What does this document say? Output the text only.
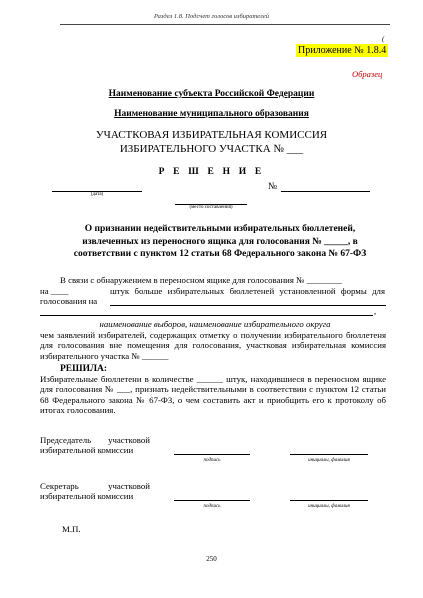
Раздел 1.8. Подсчет голосов избирателей
(
Приложение № 1.8.4
Образец
Наименование субъекта Российской Федерации
Наименование муниципального образования
УЧАСТКОВАЯ ИЗБИРАТЕЛЬНАЯ КОМИССИЯ
ИЗБИРАТЕЛЬНОГО УЧАСТКА № ___
Р Е Ш Е Н И Е
(дата)
№
(место составления)
О признании недействительными избирательных бюллетеней,
извлеченных из переносного ящика для голосования № _____, в
соответствии с пунктом 12 статьи 68 Федерального закона № 67-ФЗ
В связи с обнаружением в переносном ящике для голосования № ________
на ____	штук больше избирательных бюллетеней установленной формы для
голосования на
,
наименование выборов, наименование избирательного округа
чем заявлений избирателей, содержащих отметку о получении избирательного бюллетеня для голосования вне помещения для голосования, участковая избирательная комиссия избирательного участка № ______
РЕШИЛА:
Избирательные бюллетени в количестве ______ штук, находившиеся в переносном ящике для голосования № ___, признать недействительными в соответствии с пунктом 12 статьи 68 Федерального закона № 67-ФЗ, о чем составить акт и приобщить его к протоколу об итогах голосования.
Председатель участковой избирательной комиссии
подпись	инициалы, фамилия
Секретарь участковой избирательной комиссии
подпись	инициалы, фамилия
М.П.
250
